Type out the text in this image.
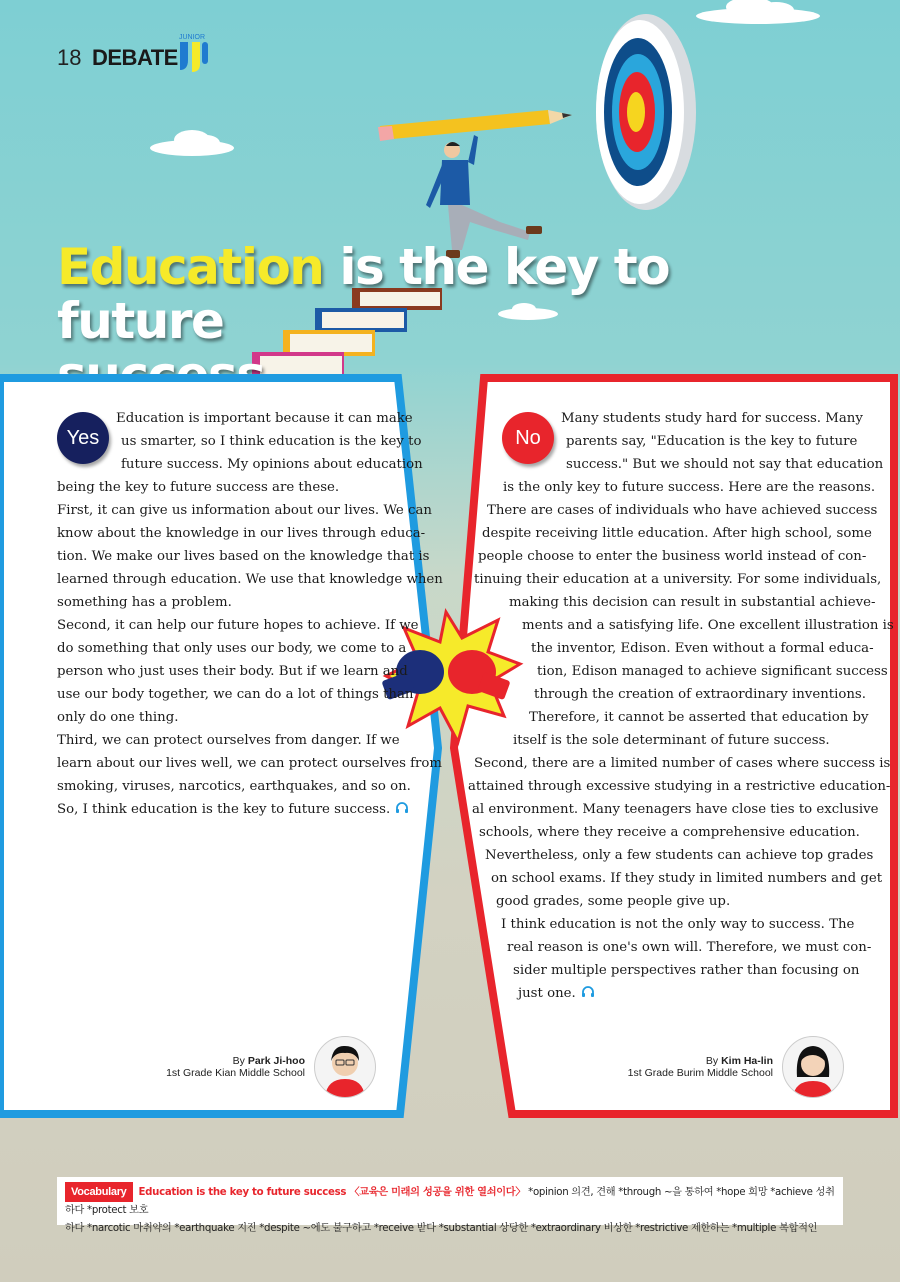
18 DEBATE
JUNIOR
Education is the key to future

Yes
Education is important because it can make
us smarter, so I think education is the key to
future success. My opinions about education
being the key to future success are these.
First, it can give us information about our lives. We can
know about the knowledge in our lives through educa-
tion. We make our lives based on the knowledge that is
learned through education. We use that knowledge when
something has a problem.
Second, it can help our future hopes to achieve. If we
do something that only uses our body, we come to a
person who just uses their body. But if we learn and
use our body together, we can do a lot of things than
only do one thing.
Third, we can protect ourselves from danger. If we
learn about our lives well, we can protect ourselves from
smoking, viruses, narcotics, earthquakes, and so on.
So, I think education is the key to future success.
No
Many students study hard for success. Many
parents say, "Education is the key to future
success." But we should not say that education
is the only key to future success. Here are the reasons.
There are cases of individuals who have achieved success
despite receiving little education. After high school, some
people choose to enter the business world instead of con-
tinuing their education at a university. For some individuals,
making this decision can result in substantial achieve-
ments and a satisfying life. One excellent illustration is
the inventor, Edison. Even without a formal educa-
tion, Edison managed to achieve significant success
through the creation of extraordinary inventions.
Therefore, it cannot be asserted that education by
itself is the sole determinant of future success.
Second, there are a limited number of cases where success is
attained through excessive studying in a restrictive education-
al environment. Many teenagers have close ties to exclusive
schools, where they receive a comprehensive education.
Nevertheless, only a few students can achieve top grades
on school exams. If they study in limited numbers and get
good grades, some people give up.
I think education is not the only way to success. The
real reason is one's own will. Therefore, we must con-
sider multiple perspectives rather than focusing on
just one.
By Park Ji-hoo
1st Grade Kian Middle School
By Kim Ha-lin
1st Grade Burim Middle School
Vocabulary Education is the key to future success 〈교육은 미래의 성공을 위한 열쇠이다〉 *opinion 의견, 견해 *through ~을 통하여 *hope 희망 *achieve 성취하다 *protect 보호
하다 *narcotic 마취약의 *earthquake 지진 *despite ~에도 불구하고 *receive 받다 *substantial 상당한 *extraordinary 비상한 *restrictive 제한하는 *multiple 복합적인
